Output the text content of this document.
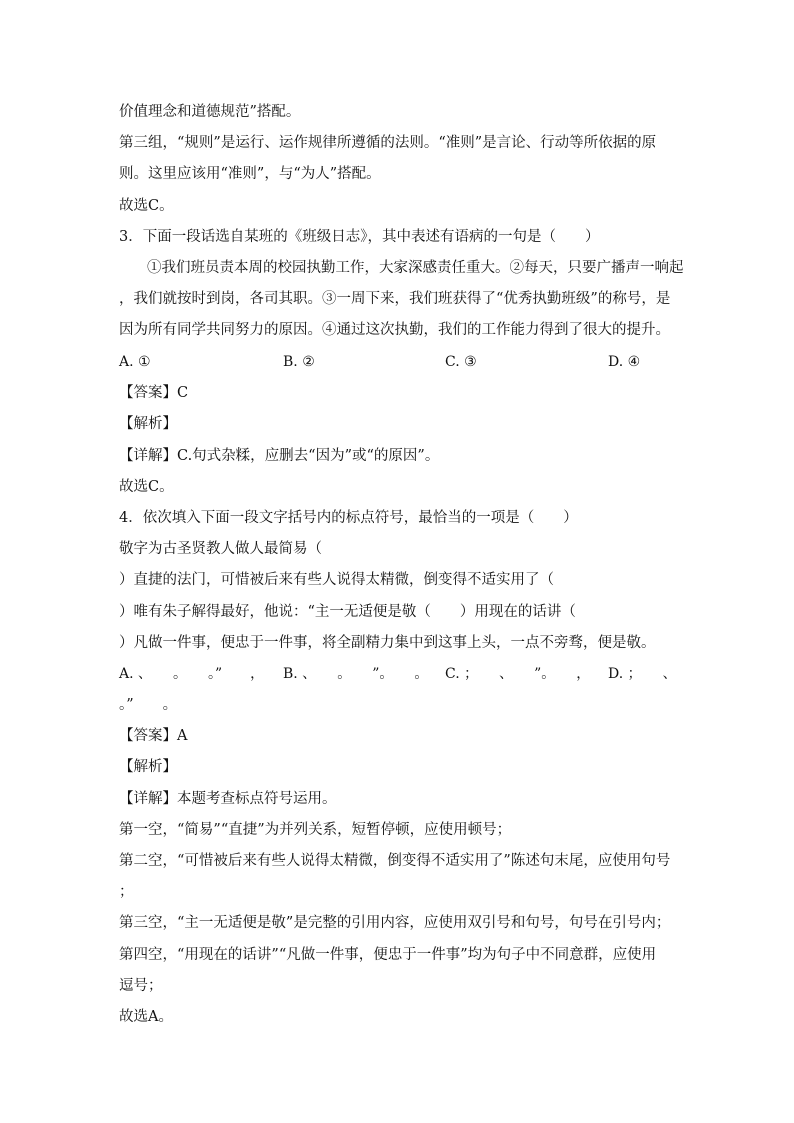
价值理念和道德规范”搭配。
第三组，“规则”是运行、运作规律所遵循的法则。“准则”是言论、行动等所依据的原
则。这里应该用“准则”，与“为人”搭配。
故选C。
3．下面一段话选自某班的《班级日志》，其中表述有语病的一句是（　　）
①我们班员责本周的校园执勤工作，大家深感责任重大。②每天，只要广播声一响起
，我们就按时到岗，各司其职。③一周下来，我们班获得了“优秀执勤班级”的称号，是
因为所有同学共同努力的原因。④通过这次执勤，我们的工作能力得到了很大的提升。
A. ①	B. ②	C. ③	D. ④
【答案】C
【解析】
【详解】C.句式杂糅，应删去“因为”或“的原因”。
故选C。
4．依次填入下面一段文字括号内的标点符号，最恰当的一项是（　　）
敬字为古圣贤教人做人最简易（
）直捷的法门，可惜被后来有些人说得太精微，倒变得不适实用了（
）唯有朱子解得最好，他说：“主一无适便是敬（　　）用现在的话讲（
）凡做一件事，便忠于一件事，将全副精力集中到这事上头，一点不旁骛，便是敬。
A. 、　　。　　。”　　， B. 、　　。　　”。　　。 C. ；　　、　　”。　　， D. ；　　、
。”　　。
【答案】A
【解析】
【详解】本题考查标点符号运用。
第一空，“简易”“直捷”为并列关系，短暂停顿，应使用顿号；
第二空，“可惜被后来有些人说得太精微，倒变得不适实用了”陈述句末尾，应使用句号
；
第三空，“主一无适便是敬”是完整的引用内容，应使用双引号和句号，句号在引号内；
第四空，“用现在的话讲”“凡做一件事，便忠于一件事”均为句子中不同意群，应使用
逗号；
故选A。
